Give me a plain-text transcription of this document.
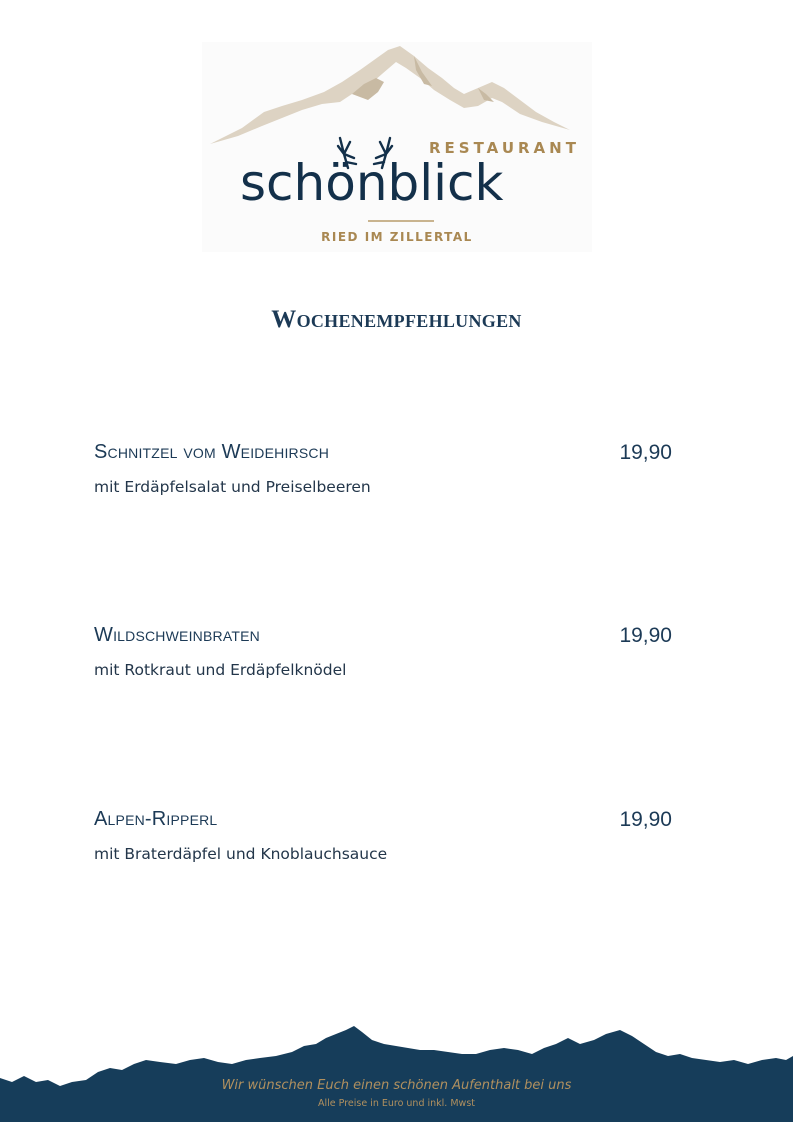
RESTAURANT
schönblick
RIED IM ZILLERTAL
Wochenempfehlungen
Schnitzel vom Weidehirsch	19,90
mit Erdäpfelsalat und Preiselbeeren
Wildschweinbraten	19,90
mit Rotkraut und Erdäpfelknödel
Alpen-Ripperl	19,90
mit Braterdäpfel und Knoblauchsauce
Wir wünschen Euch einen schönen Aufenthalt bei uns
Alle Preise in Euro und inkl. Mwst
